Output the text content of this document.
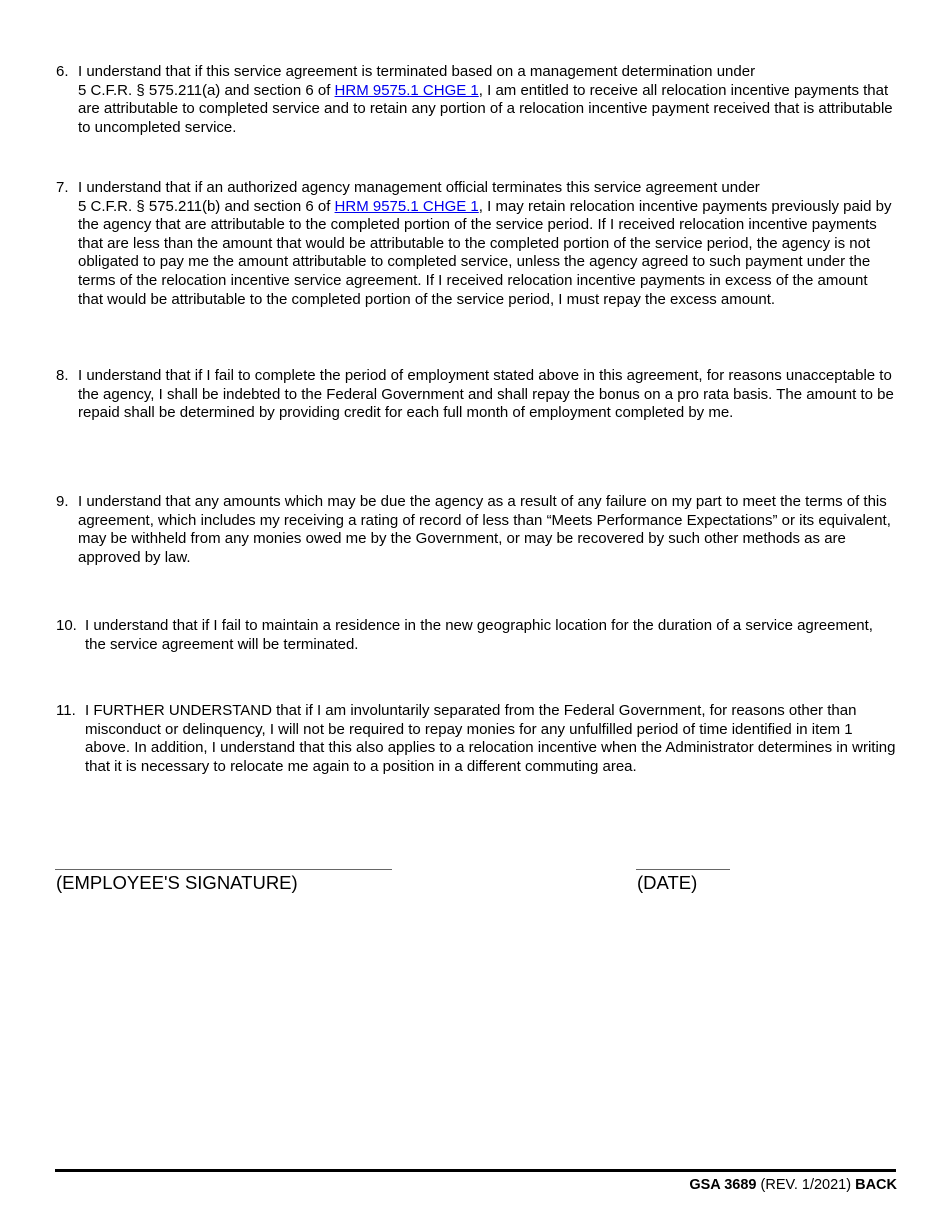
6. I understand that if this service agreement is terminated based on a management determination under
5 C.F.R. § 575.211(a) and section 6 of HRM 9575.1 CHGE 1, I am entitled to receive all relocation incentive payments that are attributable to completed service and to retain any portion of a relocation incentive payment received that is attributable to uncompleted service.
7. I understand that if an authorized agency management official terminates this service agreement under
5 C.F.R. § 575.211(b) and section 6 of HRM 9575.1 CHGE 1, I may retain relocation incentive payments previously paid by the agency that are attributable to the completed portion of the service period. If I received relocation incentive payments that are less than the amount that would be attributable to the completed portion of the service period, the agency is not obligated to pay me the amount attributable to completed service, unless the agency agreed to such payment under the terms of the relocation incentive service agreement. If I received relocation incentive payments in excess of the amount that would be attributable to the completed portion of the service period, I must repay the excess amount.
8. I understand that if I fail to complete the period of employment stated above in this agreement, for reasons unacceptable to the agency, I shall be indebted to the Federal Government and shall repay the bonus on a pro rata basis. The amount to be repaid shall be determined by providing credit for each full month of employment completed by me.
9. I understand that any amounts which may be due the agency as a result of any failure on my part to meet the terms of this agreement, which includes my receiving a rating of record of less than “Meets Performance Expectations” or its equivalent, may be withheld from any monies owed me by the Government, or may be recovered by such other methods as are approved by law.
10. I understand that if I fail to maintain a residence in the new geographic location for the duration of a service agreement, the service agreement will be terminated.
11. I FURTHER UNDERSTAND that if I am involuntarily separated from the Federal Government, for reasons other than misconduct or delinquency, I will not be required to repay monies for any unfulfilled period of time identified in item 1 above. In addition, I understand that this also applies to a relocation incentive when the Administrator determines in writing that it is necessary to relocate me again to a position in a different commuting area.
(EMPLOYEE'S SIGNATURE)	(DATE)
GSA 3689 (REV. 1/2021) BACK
